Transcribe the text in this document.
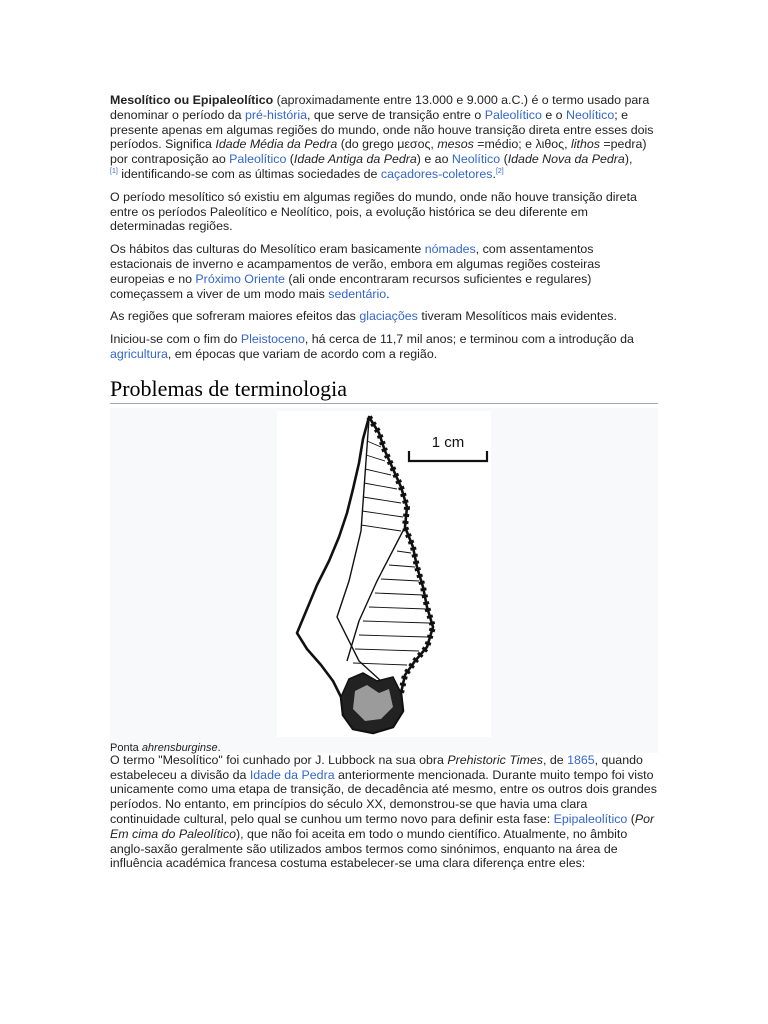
Mesolítico ou Epipaleolítico (aproximadamente entre 13.000 e 9.000 a.C.) é o termo usado para denominar o período da pré-história, que serve de transição entre o Paleolítico e o Neolítico; e presente apenas em algumas regiões do mundo, onde não houve transição direta entre esses dois períodos. Significa Idade Média da Pedra (do grego μεσος, mesos =médio; e λιθος, lithos =pedra) por contraposição ao Paleolítico (Idade Antiga da Pedra) e ao Neolítico (Idade Nova da Pedra),
[1] identificando-se com as últimas sociedades de caçadores-coletores.[2]

O período mesolítico só existiu em algumas regiões do mundo, onde não houve transição direta entre os períodos Paleolítico e Neolítico, pois, a evolução histórica se deu diferente em determinadas regiões.

Os hábitos das culturas do Mesolítico eram basicamente nómades, com assentamentos estacionais de inverno e acampamentos de verão, embora em algumas regiões costeiras europeias e no Próximo Oriente (ali onde encontraram recursos suficientes e regulares) começassem a viver de um modo mais sedentário.

As regiões que sofreram maiores efeitos das glaciações tiveram Mesolíticos mais evidentes.

Iniciou-se com o fim do Pleistoceno, há cerca de 11,7 mil anos; e terminou com a introdução da agricultura, em épocas que variam de acordo com a região.

Problemas de terminologia
1 cm
Ponta ahrensburginse.

O termo "Mesolítico" foi cunhado por J. Lubbock na sua obra Prehistoric Times, de 1865, quando estabeleceu a divisão da Idade da Pedra anteriormente mencionada. Durante muito tempo foi visto unicamente como uma etapa de transição, de decadência até mesmo, entre os outros dois grandes períodos. No entanto, em princípios do século XX, demonstrou-se que havia uma clara continuidade cultural, pelo qual se cunhou um termo novo para definir esta fase: Epipaleolítico (Por Em cima do Paleolítico), que não foi aceita em todo o mundo científico. Atualmente, no âmbito anglo-saxão geralmente são utilizados ambos termos como sinónimos, enquanto na área de influência académica francesa costuma estabelecer-se uma clara diferença entre eles:
